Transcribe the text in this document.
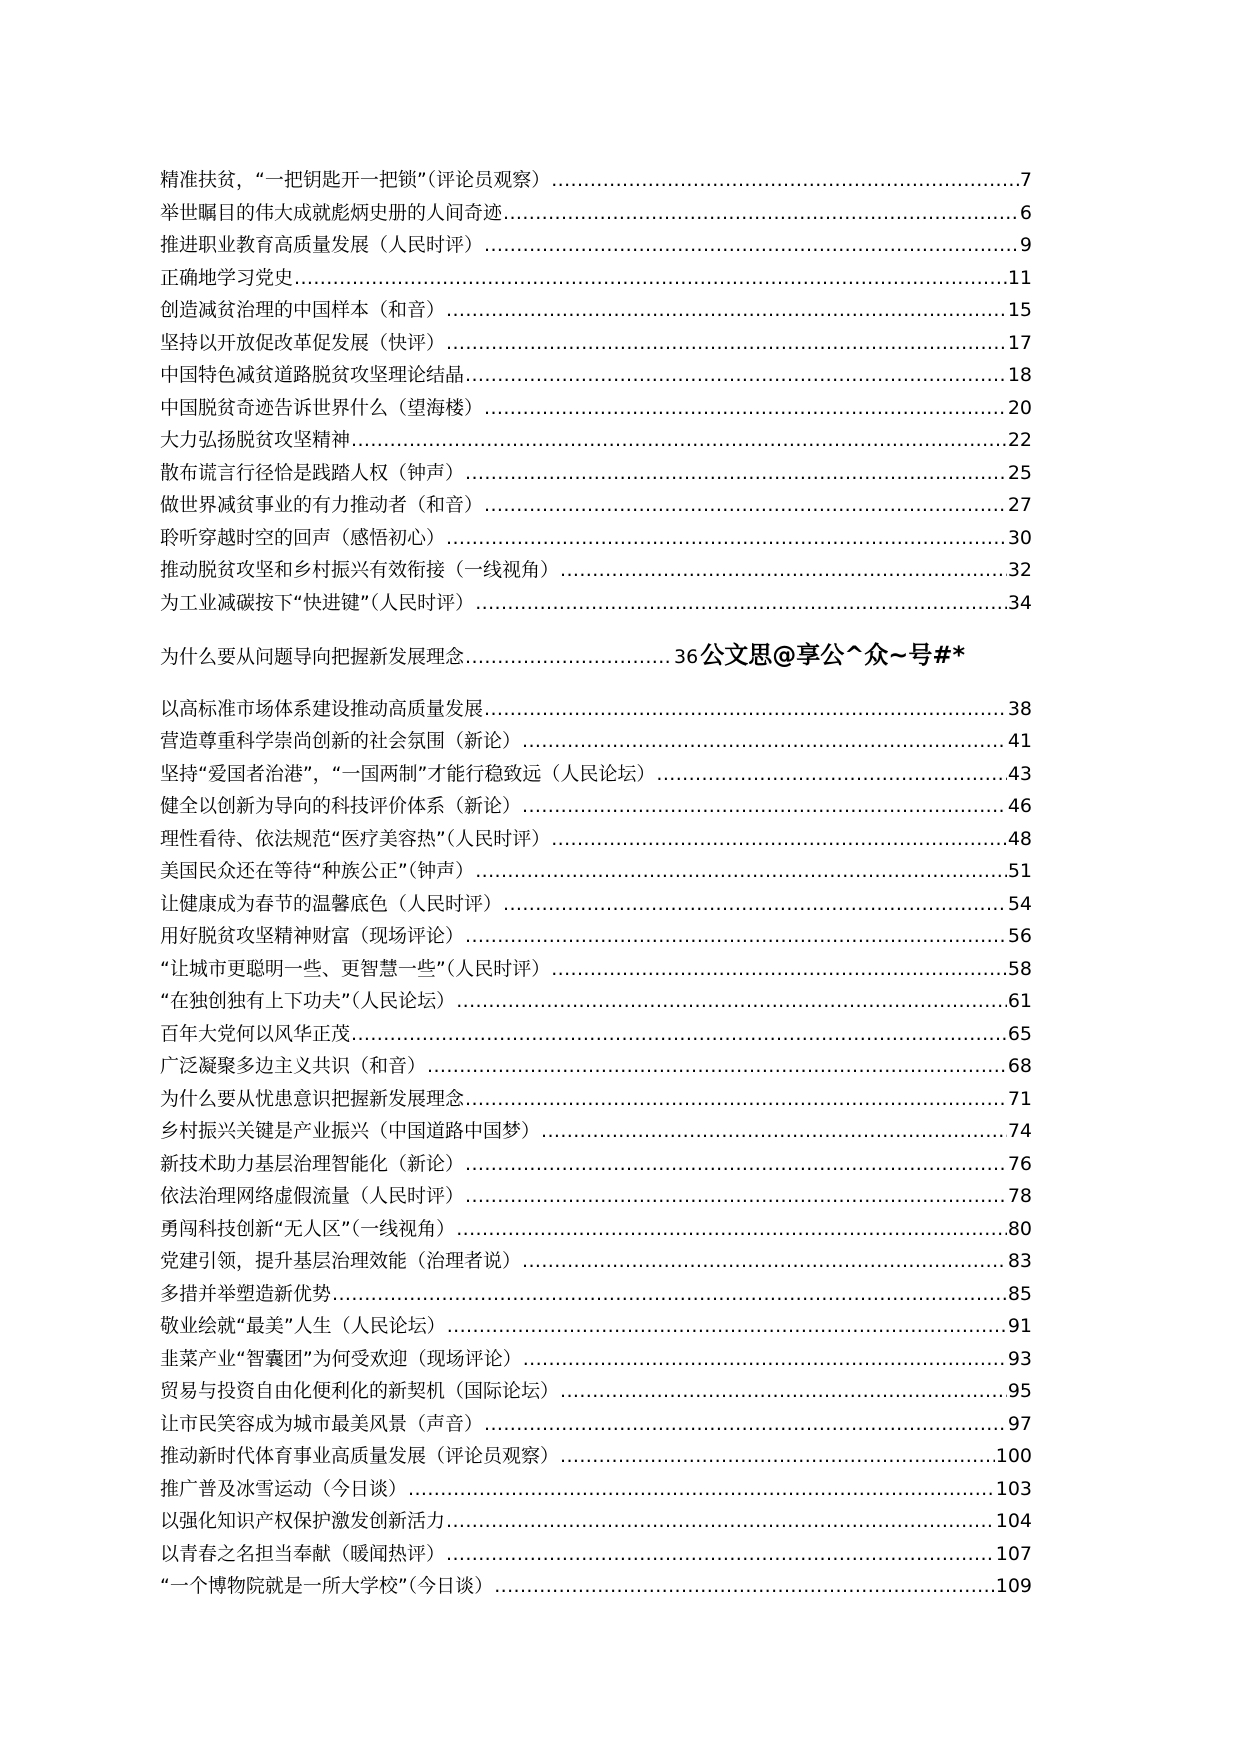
精准扶贫，“一把钥匙开一把锁”（评论员观察） .....	7
举世瞩目的伟大成就彪炳史册的人间奇迹 .....	6
推进职业教育高质量发展（人民时评） .....	9
正确地学习党史 .....	11
创造减贫治理的中国样本（和音） .....	15
坚持以开放促改革促发展（快评） .....	17
中国特色减贫道路脱贫攻坚理论结晶 .....	18
中国脱贫奇迹告诉世界什么（望海楼） .....	20
大力弘扬脱贫攻坚精神 .....	22
散布谎言行径恰是践踏人权（钟声） .....	25
做世界减贫事业的有力推动者（和音） .....	27
聆听穿越时空的回声（感悟初心） .....	30
推动脱贫攻坚和乡村振兴有效衔接（一线视角） .....	32
为工业减碳按下“快进键”（人民时评） .....	34
为什么要从问题导向把握新发展理念 .....	36 公文思@享公^众~号#*
以高标准市场体系建设推动高质量发展 .....	38
营造尊重科学崇尚创新的社会氛围（新论） .....	41
坚持“爱国者治港”，“一国两制”才能行稳致远（人民论坛） .....	43
健全以创新为导向的科技评价体系（新论） .....	46
理性看待、依法规范“医疗美容热”（人民时评） .....	48
美国民众还在等待“种族公正”（钟声） .....	51
让健康成为春节的温馨底色（人民时评） .....	54
用好脱贫攻坚精神财富（现场评论） .....	56
“让城市更聪明一些、更智慧一些”（人民时评） .....	58
“在独创独有上下功夫”（人民论坛） .....	61
百年大党何以风华正茂 .....	65
广泛凝聚多边主义共识（和音） .....	68
为什么要从忧患意识把握新发展理念 .....	71
乡村振兴关键是产业振兴（中国道路中国梦） .....	74
新技术助力基层治理智能化（新论） .....	76
依法治理网络虚假流量（人民时评） .....	78
勇闯科技创新“无人区”（一线视角） .....	80
党建引领，提升基层治理效能（治理者说） .....	83
多措并举塑造新优势 .....	85
敬业绘就“最美”人生（人民论坛） .....	91
韭菜产业“智囊团”为何受欢迎（现场评论） .....	93
贸易与投资自由化便利化的新契机（国际论坛） .....	95
让市民笑容成为城市最美风景（声音） .....	97
推动新时代体育事业高质量发展（评论员观察） .....	100
推广普及冰雪运动（今日谈） .....	103
以强化知识产权保护激发创新活力 .....	104
以青春之名担当奉献（暖闻热评） .....	107
“一个博物院就是一所大学校”（今日谈） .....	109
